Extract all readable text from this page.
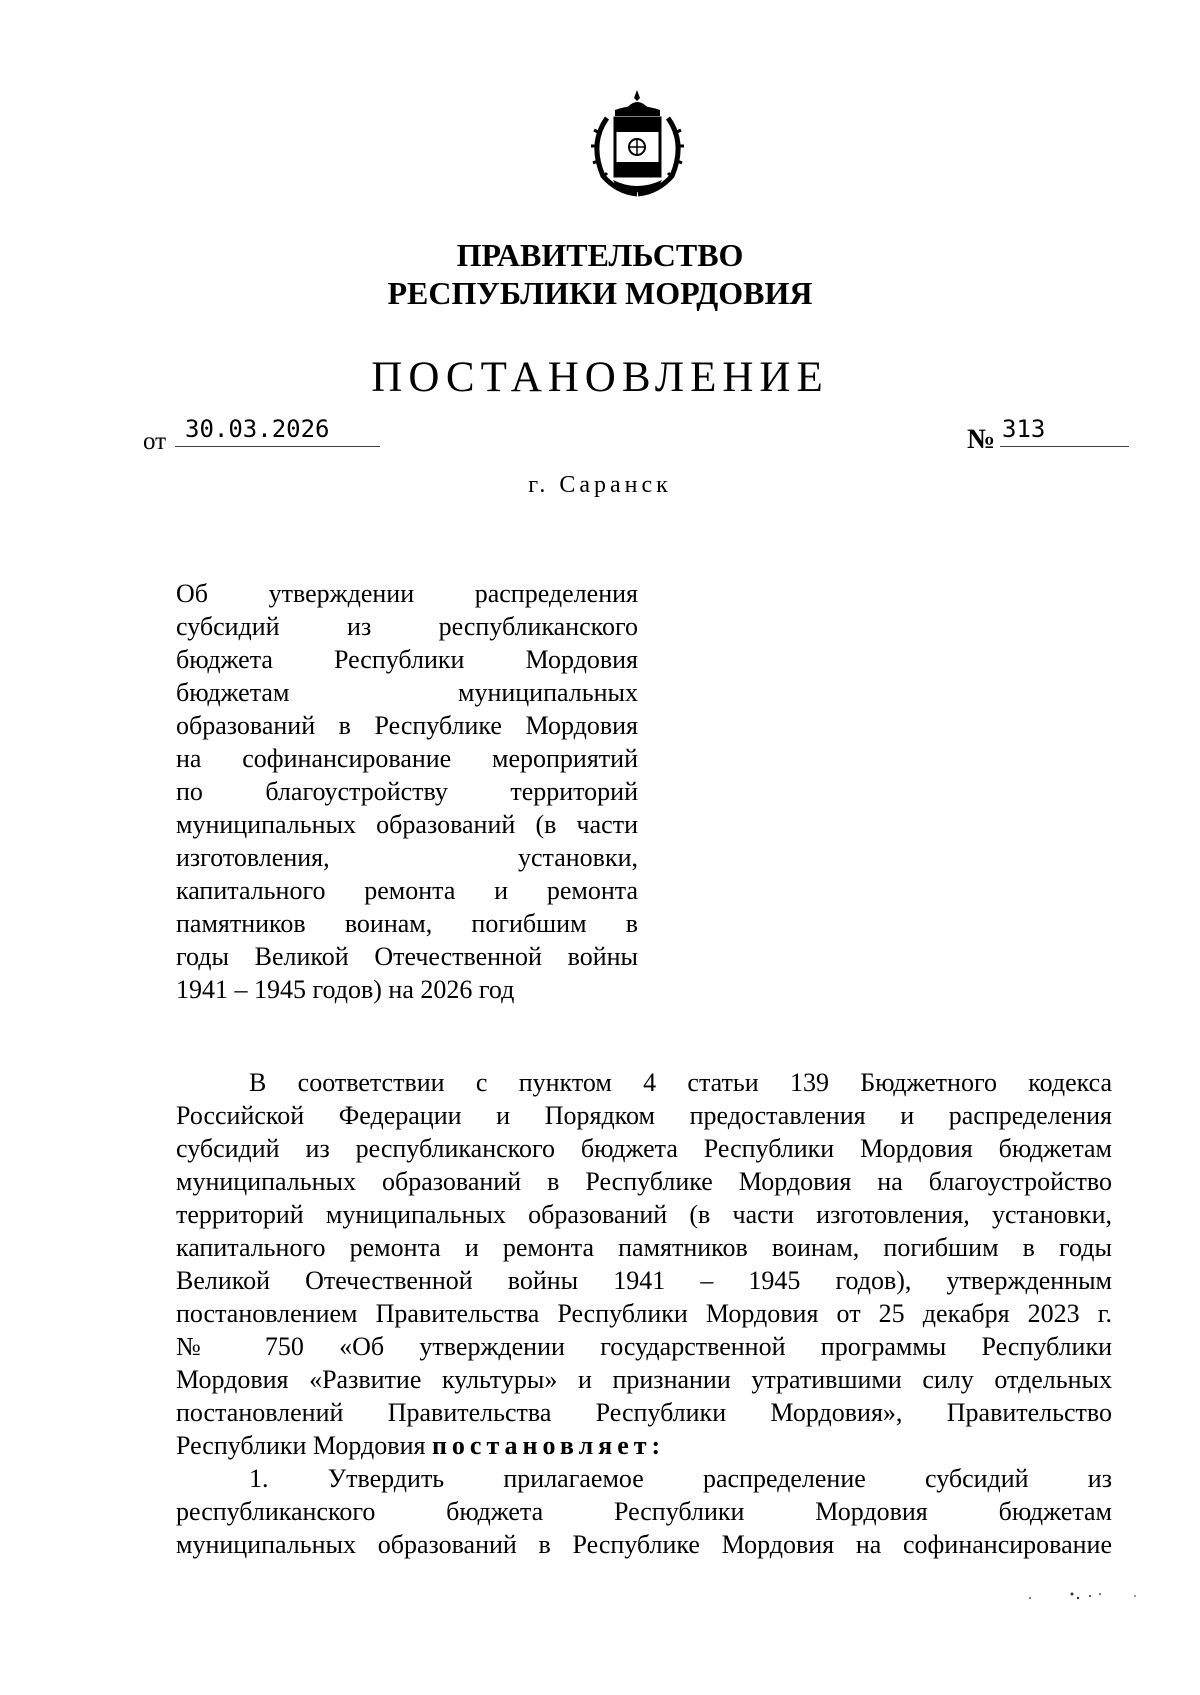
ПРАВИТЕЛЬСТВО
РЕСПУБЛИКИ МОРДОВИЯ
ПОСТАНОВЛЕНИЕ
от 30.03.2026	№ 313
г. Саранск
Об утверждении распределения
субсидий из республиканского
бюджета Республики Мордовия
бюджетам муниципальных
образований в Республике Мордовия
на софинансирование мероприятий
по благоустройству территорий
муниципальных образований (в части
изготовления, установки,
капитального ремонта и ремонта
памятников воинам, погибшим в
годы Великой Отечественной войны
1941 – 1945 годов) на 2026 год
В соответствии с пунктом 4 статьи 139 Бюджетного кодекса
Российской Федерации и Порядком предоставления и распределения
субсидий из республиканского бюджета Республики Мордовия бюджетам
муниципальных образований в Республике Мордовия на благоустройство
территорий муниципальных образований (в части изготовления, установки,
капитального ремонта и ремонта памятников воинам, погибшим в годы
Великой Отечественной войны 1941 – 1945 годов), утвержденным
постановлением Правительства Республики Мордовия от 25 декабря 2023 г.
№ 750 «Об утверждении государственной программы Республики
Мордовия «Развитие культуры» и признании утратившими силу отдельных
постановлений Правительства Республики Мордовия», Правительство
Республики Мордовия постановляет:
1. Утвердить прилагаемое распределение субсидий из
республиканского бюджета Республики Мордовия бюджетам
муниципальных образований в Республике Мордовия на софинансирование
